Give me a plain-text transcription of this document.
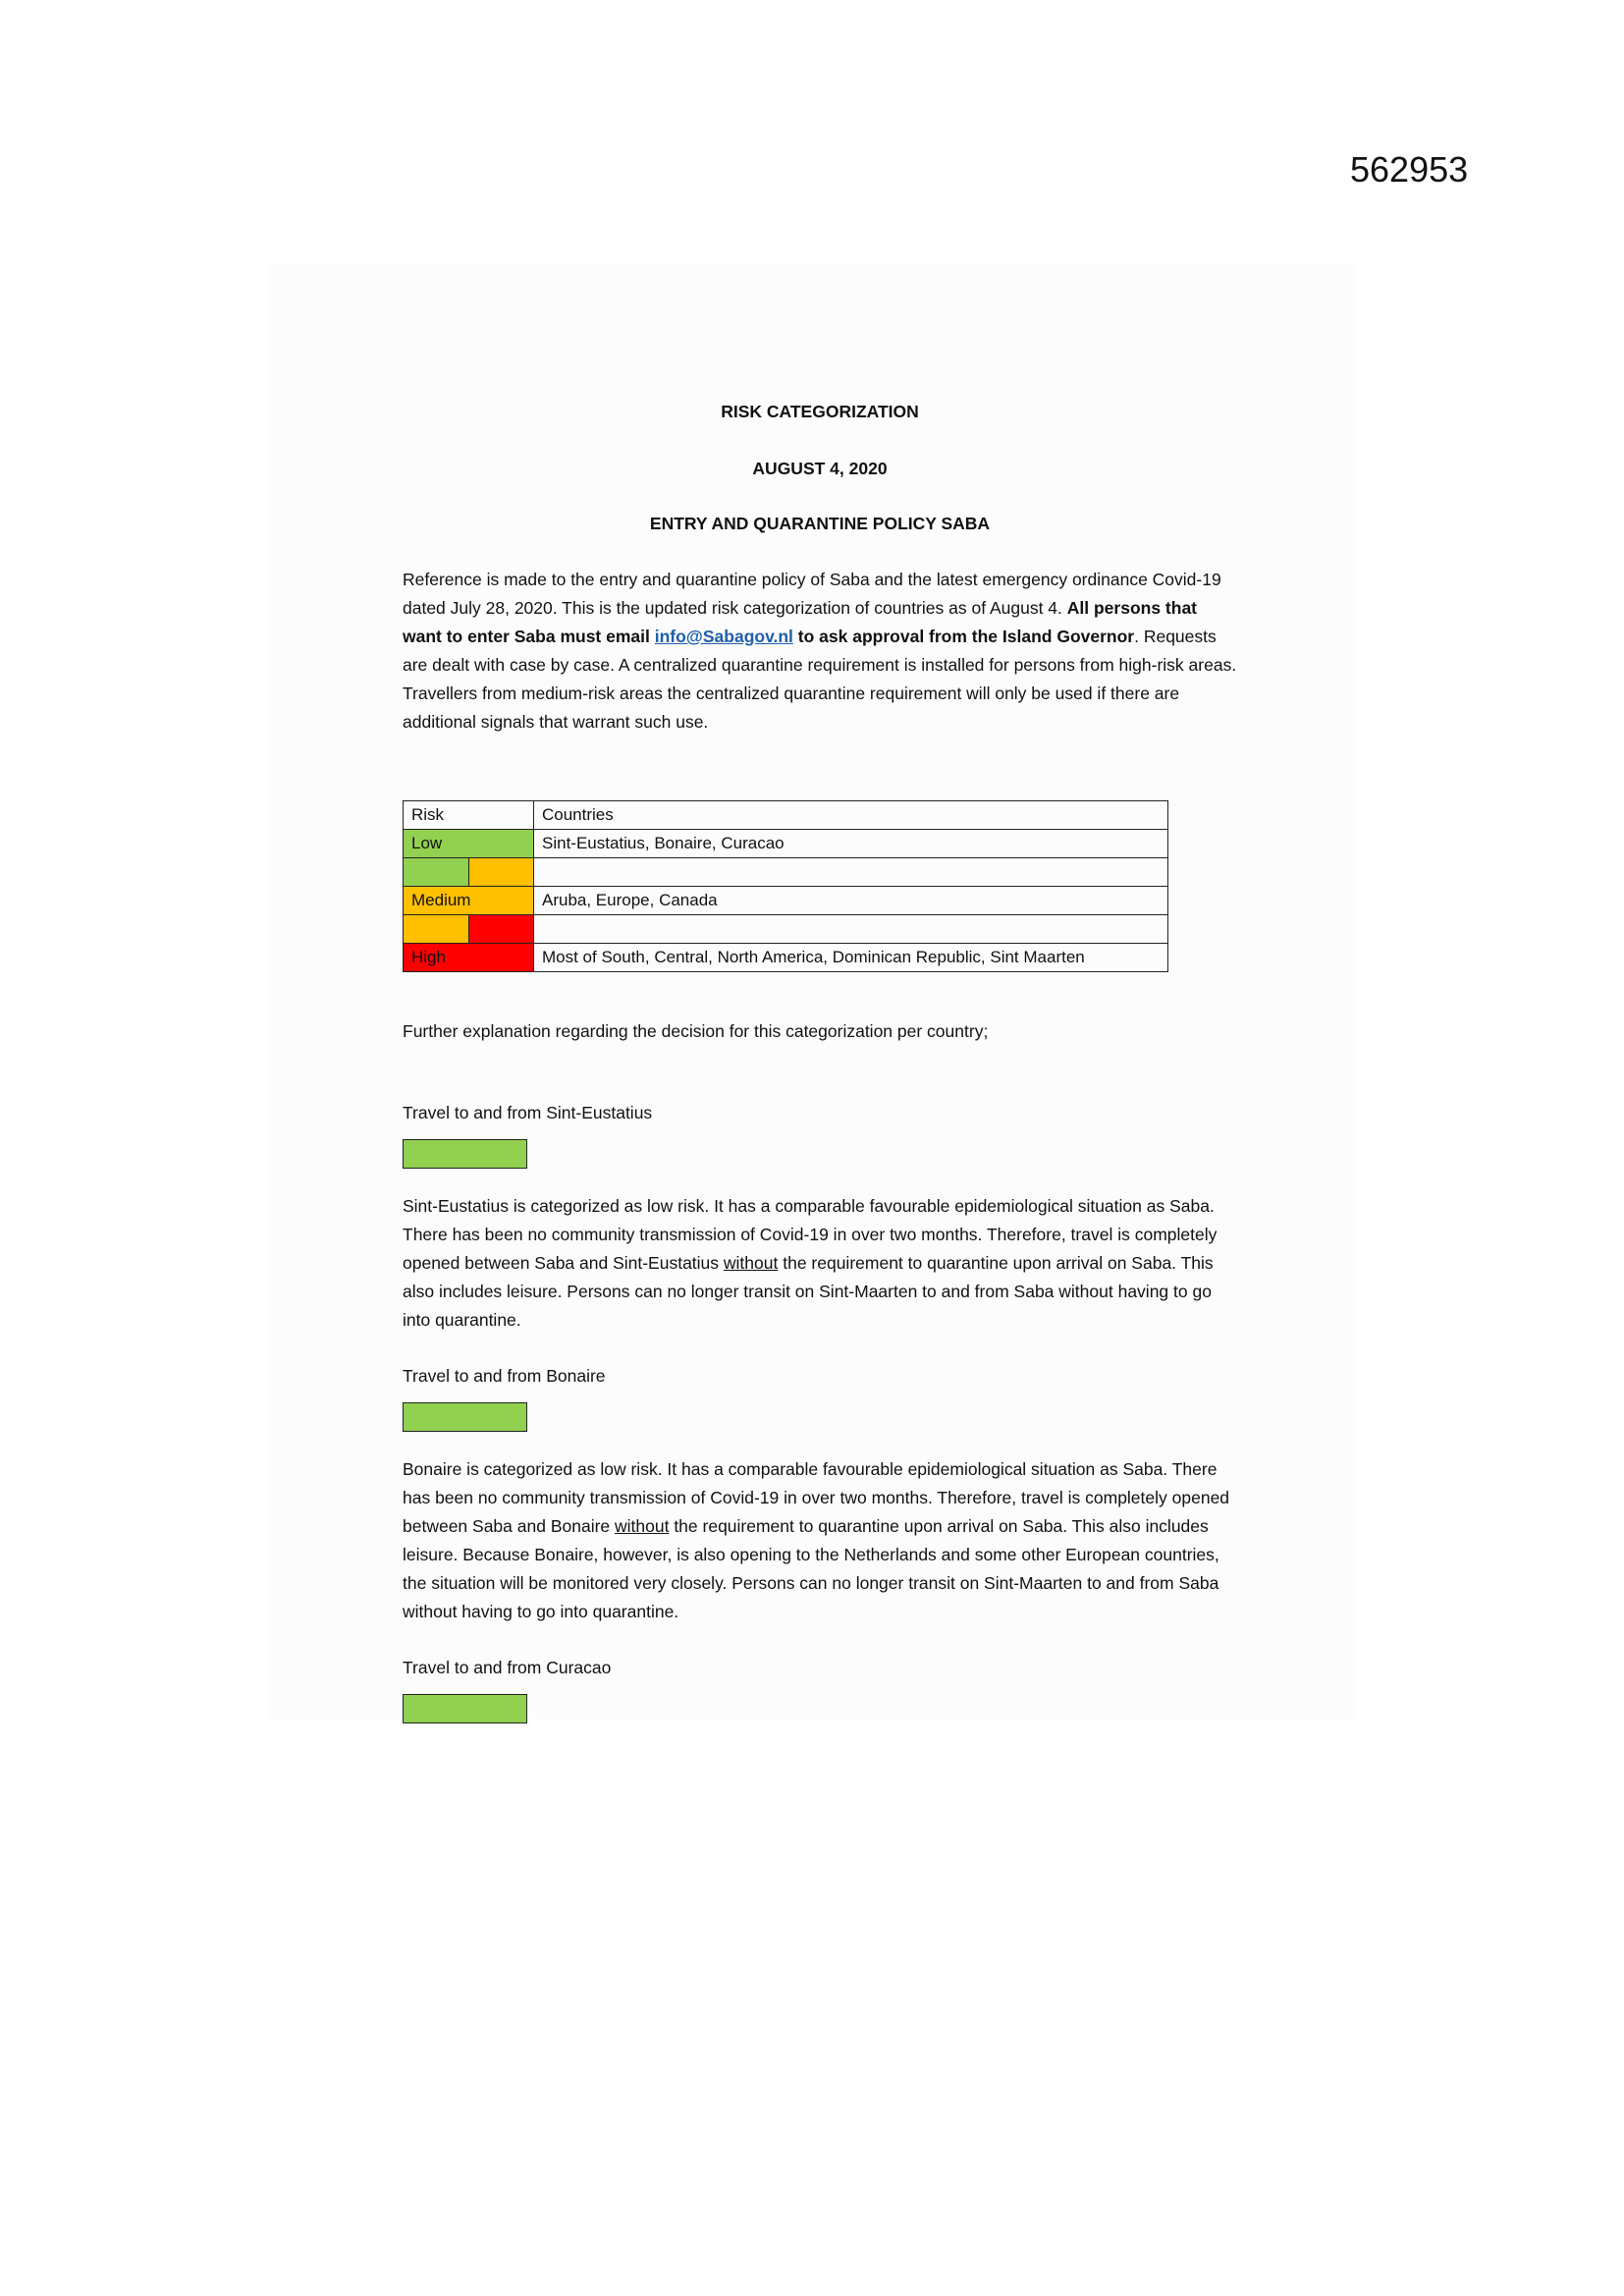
562953
RISK CATEGORIZATION
AUGUST 4, 2020
ENTRY AND QUARANTINE POLICY SABA

Reference is made to the entry and quarantine policy of Saba and the latest emergency ordinance Covid-19 dated July 28, 2020. This is the updated risk categorization of countries as of August 4. All persons that want to enter Saba must email info@Sabagov.nl to ask approval from the Island Governor. Requests are dealt with case by case. A centralized quarantine requirement is installed for persons from high-risk areas. Travellers from medium-risk areas the centralized quarantine requirement will only be used if there are additional signals that warrant such use.

Risk	Countries
Low	Sint-Eustatius, Bonaire, Curacao

Medium	Aruba, Europe, Canada

High	Most of South, Central, North America, Dominican Republic, Sint Maarten

Further explanation regarding the decision for this categorization per country;

Travel to and from Sint-Eustatius

Sint-Eustatius is categorized as low risk. It has a comparable favourable epidemiological situation as Saba. There has been no community transmission of Covid-19 in over two months. Therefore, travel is completely opened between Saba and Sint-Eustatius without the requirement to quarantine upon arrival on Saba. This also includes leisure. Persons can no longer transit on Sint-Maarten to and from Saba without having to go into quarantine.

Travel to and from Bonaire

Bonaire is categorized as low risk. It has a comparable favourable epidemiological situation as Saba. There has been no community transmission of Covid-19 in over two months. Therefore, travel is completely opened between Saba and Bonaire without the requirement to quarantine upon arrival on Saba. This also includes leisure. Because Bonaire, however, is also opening to the Netherlands and some other European countries, the situation will be monitored very closely. Persons can no longer transit on Sint-Maarten to and from Saba without having to go into quarantine.

Travel to and from Curacao
